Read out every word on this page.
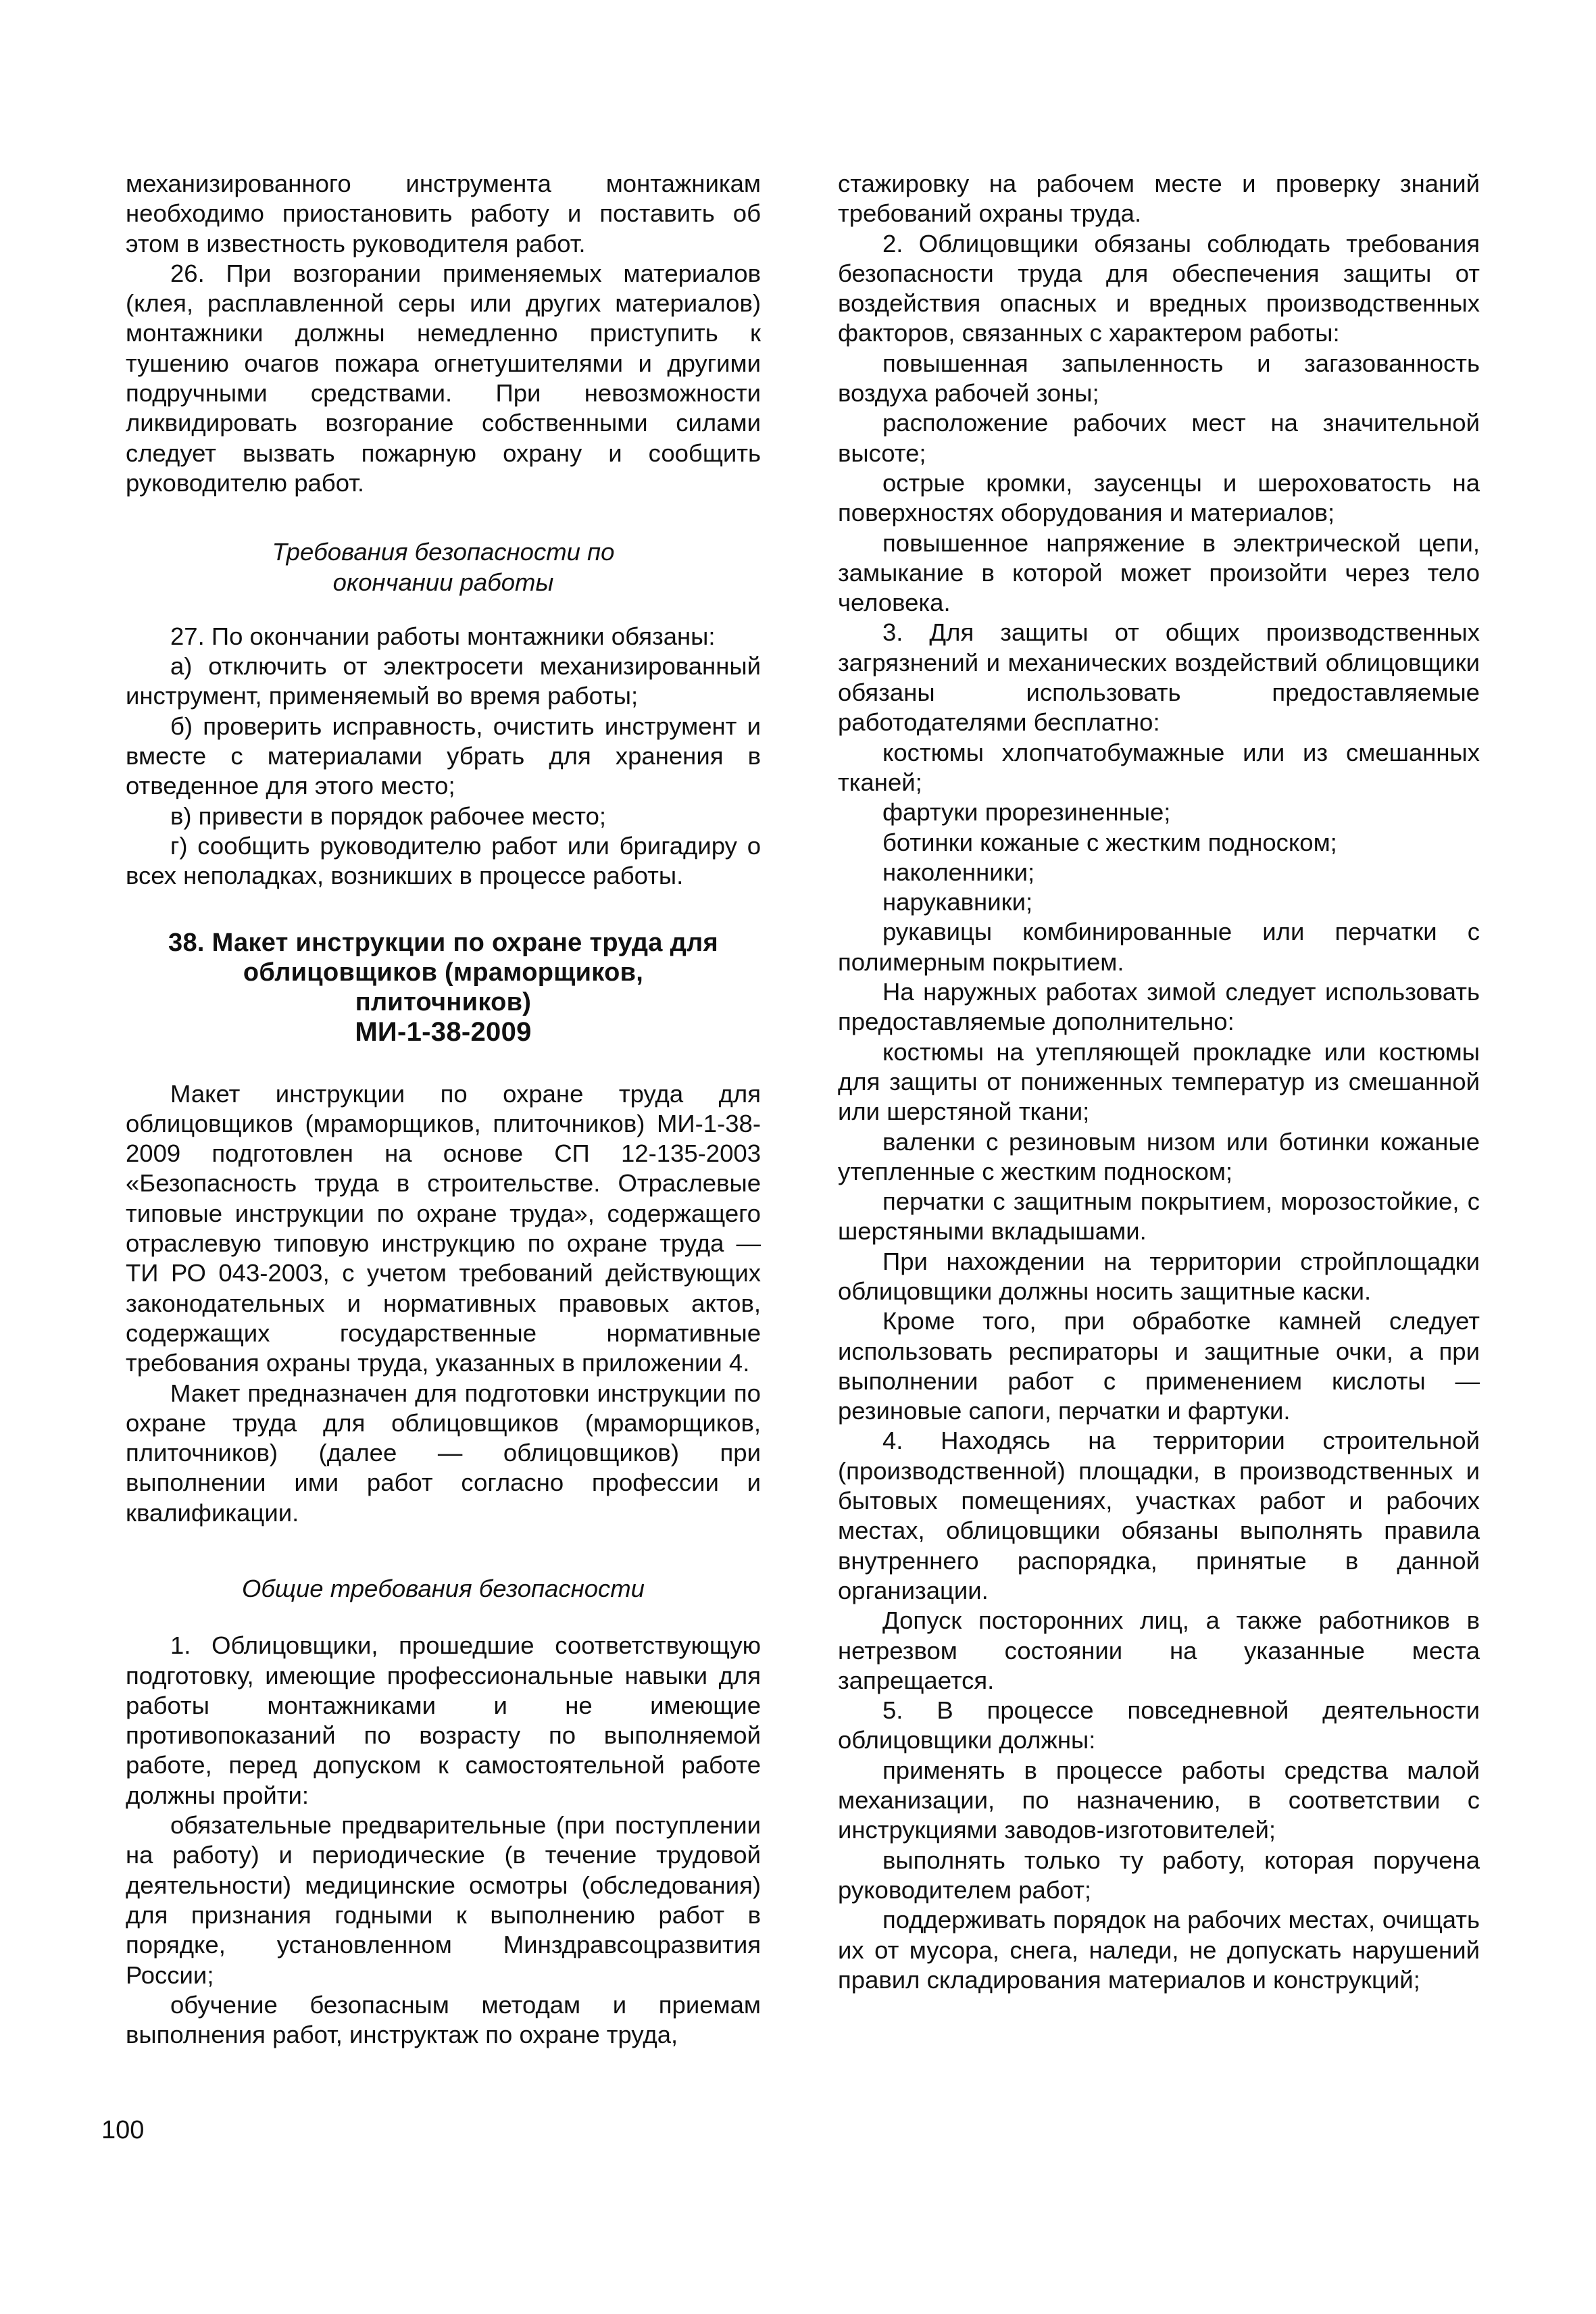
механизированного инструмента монтажникам необходимо приостановить работу и поставить об этом в известность руководителя работ.

26. При возгорании применяемых материалов (клея, расплавленной серы или других материалов) монтажники должны немедленно приступить к тушению очагов пожара огнетушителями и другими подручными средствами. При невозможности ликвидировать возгорание собственными силами следует вызвать пожарную охрану и сообщить руководителю работ.

Требования безопасности по окончании работы

27. По окончании работы монтажники обязаны:

а) отключить от электросети механизированный инструмент, применяемый во время работы;

б) проверить исправность, очистить инструмент и вместе с материалами убрать для хранения в отведенное для этого место;

в) привести в порядок рабочее место;

г) сообщить руководителю работ или бригадиру о всех неполадках, возникших в процессе работы.

38. Макет инструкции по охране труда для облицовщиков (мраморщиков, плиточников)
МИ-1-38-2009

Макет инструкции по охране труда для облицовщиков (мраморщиков, плиточников) МИ-1-38-2009 подготовлен на основе СП 12-135-2003 «Безопасность труда в строительстве. Отраслевые типовые инструкции по охране труда», содержащего отраслевую типовую инструкцию по охране труда — ТИ РО 043-2003, с учетом требований действующих законодательных и нормативных правовых актов, содержащих государственные нормативные требования охраны труда, указанных в приложении 4.

Макет предназначен для подготовки инструкции по охране труда для облицовщиков (мраморщиков, плиточников) (далее — облицовщиков) при выполнении ими работ согласно профессии и квалификации.

Общие требования безопасности

1. Облицовщики, прошедшие соответствующую подготовку, имеющие профессиональные навыки для работы монтажниками и не имеющие противопоказаний по возрасту по выполняемой работе, перед допуском к самостоятельной работе должны пройти:

обязательные предварительные (при поступлении на работу) и периодические (в течение трудовой деятельности) медицинские осмотры (обследования) для признания годными к выполнению работ в порядке, установленном Минздравсоцразвития России;

обучение безопасным методам и приемам выполнения работ, инструктаж по охране труда,

стажировку на рабочем месте и проверку знаний требований охраны труда.

2. Облицовщики обязаны соблюдать требования безопасности труда для обеспечения защиты от воздействия опасных и вредных производственных факторов, связанных с характером работы:

повышенная запыленность и загазованность воздуха рабочей зоны;

расположение рабочих мест на значительной высоте;

острые кромки, заусенцы и шероховатость на поверхностях оборудования и материалов;

повышенное напряжение в электрической цепи, замыкание в которой может произойти через тело человека.

3. Для защиты от общих производственных загрязнений и механических воздействий облицовщики обязаны использовать предоставляемые работодателями бесплатно:

костюмы хлопчатобумажные или из смешанных тканей;

фартуки прорезиненные;

ботинки кожаные с жестким подноском;

наколенники;

нарукавники;

рукавицы комбинированные или перчатки с полимерным покрытием.

На наружных работах зимой следует использовать предоставляемые дополнительно:

костюмы на утепляющей прокладке или костюмы для защиты от пониженных температур из смешанной или шерстяной ткани;

валенки с резиновым низом или ботинки кожаные утепленные с жестким подноском;

перчатки с защитным покрытием, морозостойкие, с шерстяными вкладышами.

При нахождении на территории стройплощадки облицовщики должны носить защитные каски.

Кроме того, при обработке камней следует использовать респираторы и защитные очки, а при выполнении работ с применением кислоты — резиновые сапоги, перчатки и фартуки.

4. Находясь на территории строительной (производственной) площадки, в производственных и бытовых помещениях, участках работ и рабочих местах, облицовщики обязаны выполнять правила внутреннего распорядка, принятые в данной организации.

Допуск посторонних лиц, а также работников в нетрезвом состоянии на указанные места запрещается.

5. В процессе повседневной деятельности облицовщики должны:

применять в процессе работы средства малой механизации, по назначению, в соответствии с инструкциями заводов-изготовителей;

выполнять только ту работу, которая поручена руководителем работ;

поддерживать порядок на рабочих местах, очищать их от мусора, снега, наледи, не допускать нарушений правил складирования материалов и конструкций;

100
